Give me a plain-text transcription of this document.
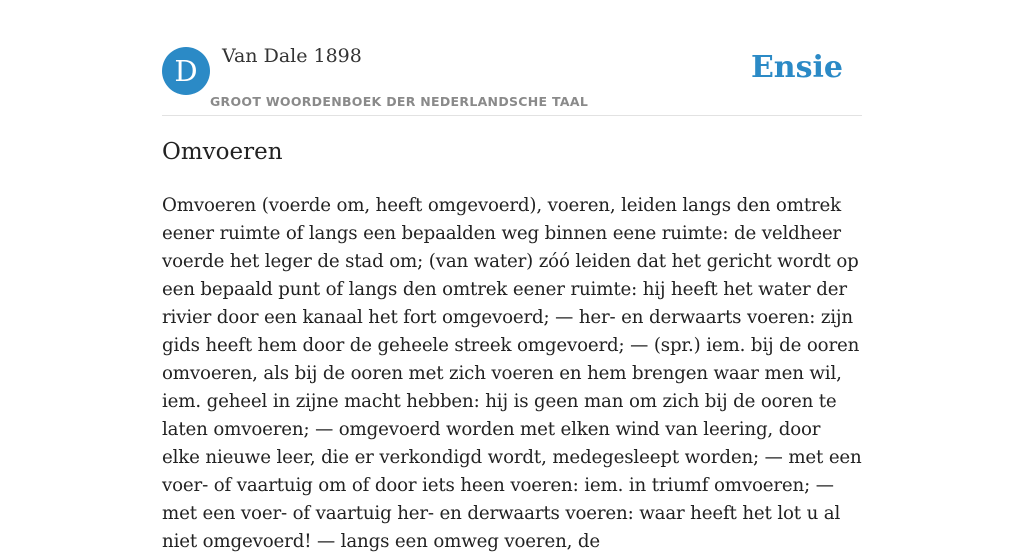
D	Van Dale 1898
GROOT WOORDENBOEK DER NEDERLANDSCHE TAAL
Ensie
Omvoeren

Omvoeren (voerde om, heeft omgevoerd), voeren, leiden langs den omtrek eener ruimte of langs een bepaalden weg binnen eene ruimte: de veldheer voerde het leger de stad om; (van water) zóó leiden dat het gericht wordt op een bepaald punt of langs den omtrek eener ruimte: hij heeft het water der rivier door een kanaal het fort omgevoerd; — her- en derwaarts voeren: zijn gids heeft hem door de geheele streek omgevoerd; — (spr.) iem. bij de ooren omvoeren, als bij de ooren met zich voeren en hem brengen waar men wil, iem. geheel in zijne macht hebben: hij is geen man om zich bij de ooren te laten omvoeren; — omgevoerd worden met elken wind van leering, door elke nieuwe leer, die er verkondigd wordt, medegesleept worden; — met een voer- of vaartuig om of door iets heen voeren: iem. in triumf omvoeren; — met een voer- of vaartuig her- en derwaarts voeren: waar heeft het lot u al niet omgevoerd! — langs een omweg voeren, de
